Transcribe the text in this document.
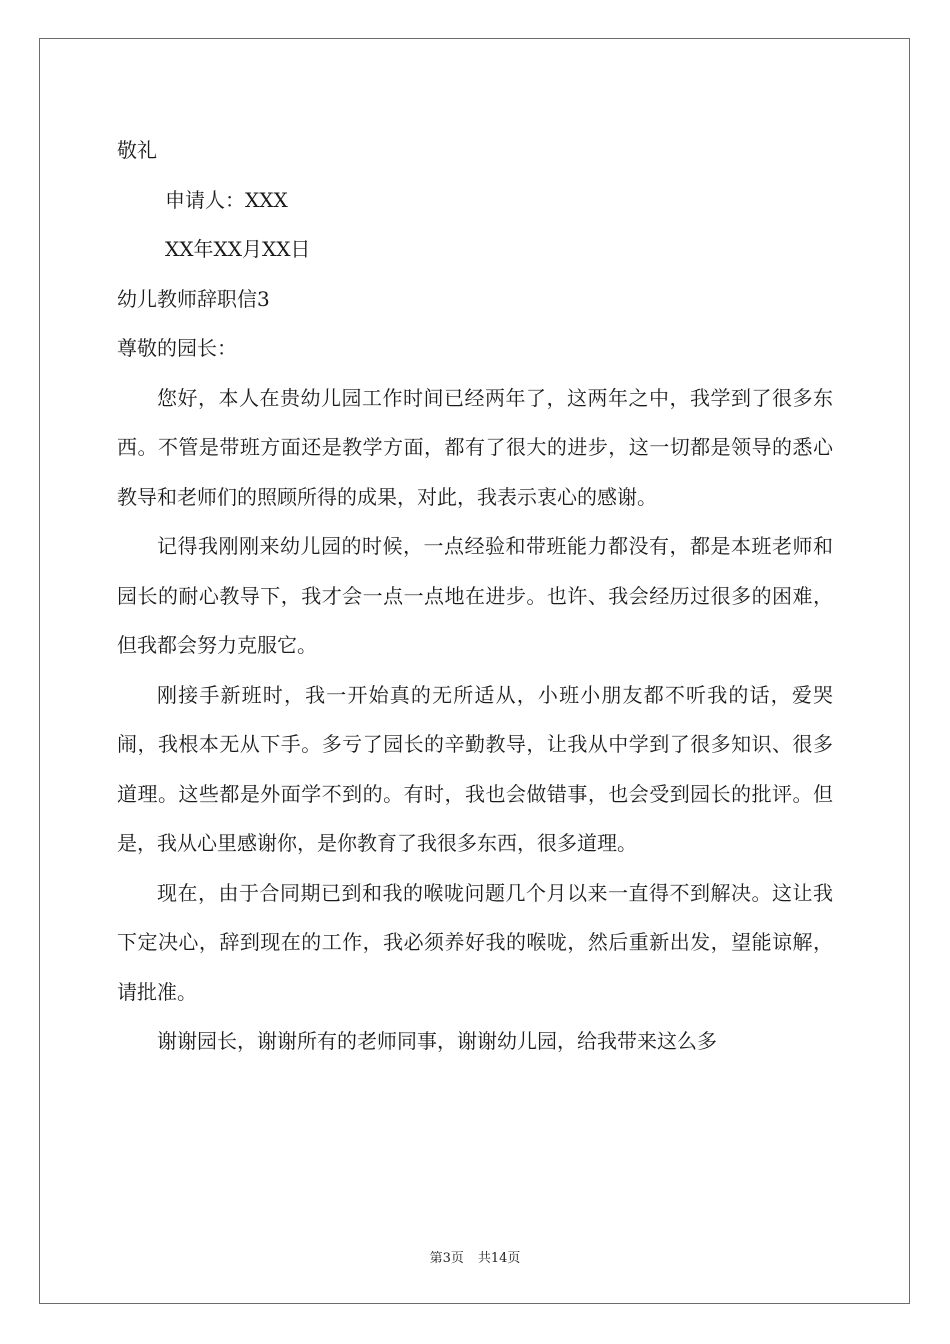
敬礼
申请人：XXX
XX年XX月XX日
幼儿教师辞职信3
尊敬的园长：

您好，本人在贵幼儿园工作时间已经两年了，这两年之中，我学到了很多东西。不管是带班方面还是教学方面，都有了很大的进步，这一切都是领导的悉心教导和老师们的照顾所得的成果，对此，我表示衷心的感谢。

记得我刚刚来幼儿园的时候，一点经验和带班能力都没有，都是本班老师和园长的耐心教导下，我才会一点一点地在进步。也许、我会经历过很多的困难，但我都会努力克服它。

刚接手新班时，我一开始真的无所适从，小班小朋友都不听我的话，爱哭闹，我根本无从下手。多亏了园长的辛勤教导，让我从中学到了很多知识、很多道理。这些都是外面学不到的。有时，我也会做错事，也会受到园长的批评。但是，我从心里感谢你，是你教育了我很多东西，很多道理。

现在，由于合同期已到和我的喉咙问题几个月以来一直得不到解决。这让我下定决心，辞到现在的工作，我必须养好我的喉咙，然后重新出发，望能谅解，请批准。

谢谢园长，谢谢所有的老师同事，谢谢幼儿园，给我带来这么多

第3页 共14页
